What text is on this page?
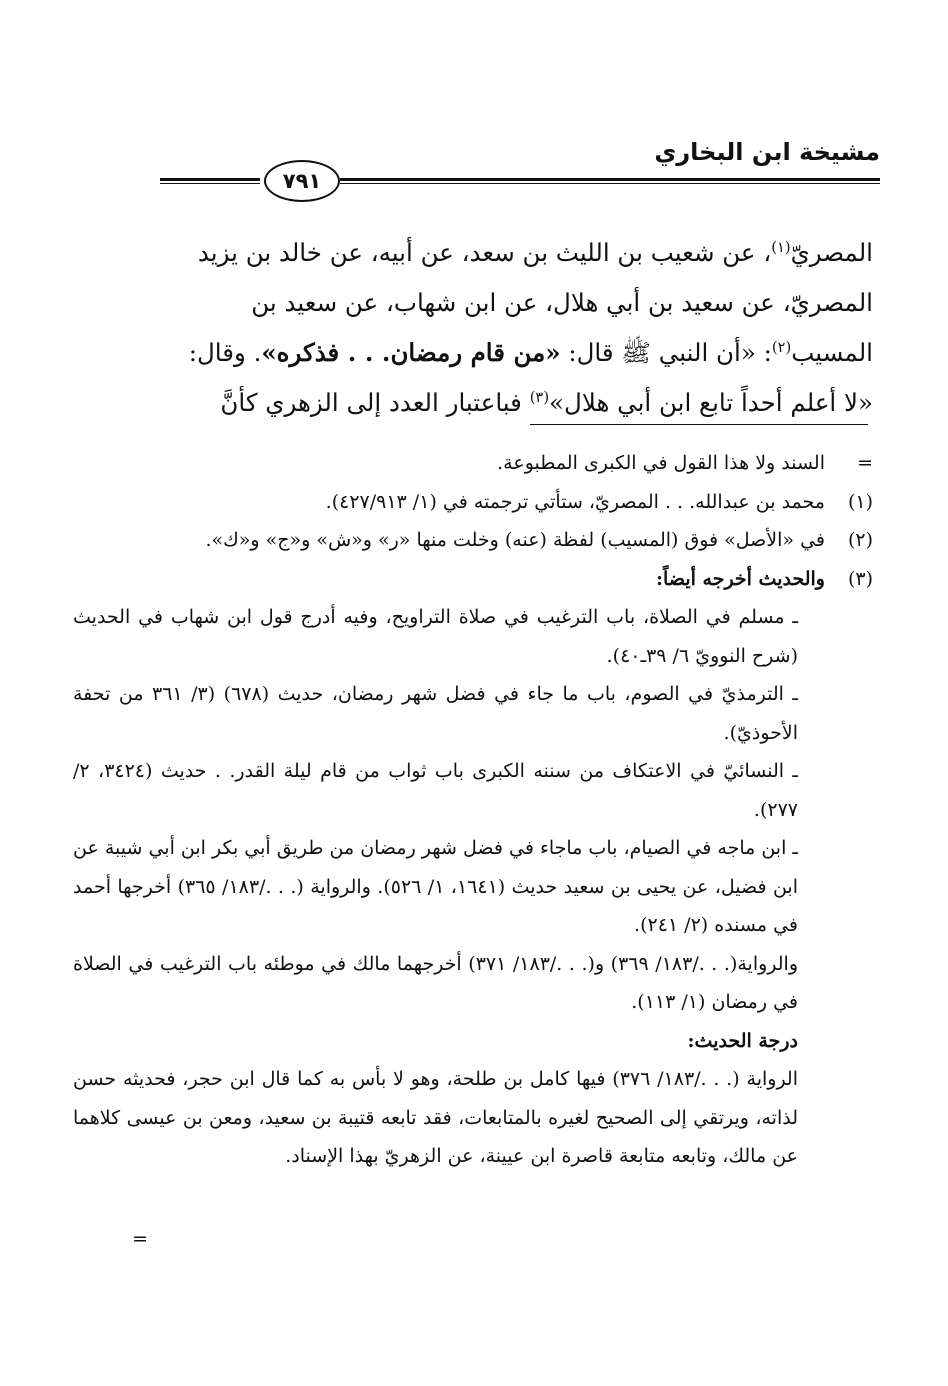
مشيخة ابن البخاري
٧٩١

المصريّ$^{(١)}$، عن شعيب بن الليث بن سعد، عن أبيه، عن خالد بن يزيد

المصريّ، عن سعيد بن أبي هلال، عن ابن شهاب، عن سعيد بن

المسيب$^{(٢)}$: «أن النبي ﷺ قال: «من قام رمضان. . . فذكره». وقال:

«لا أعلم أحداً تابع ابن أبي هلال»$^{(٣)}$ فباعتبار العدد إلى الزهري كأنَّ

=
السند ولا هذا القول في الكبرى المطبوعة.
(١)
محمد بن عبدالله. . . المصريّ، ستأتي ترجمته في (١/ ٤٢٧/٩١٣).
(٢)
في «الأصل» فوق (المسيب) لفظة (عنه) وخلت منها «ر» و«ش» و«ج» و«ك».
(٣)
والحديث أخرجه أيضاً:
ـ مسلم في الصلاة، باب الترغيب في صلاة التراويح، وفيه أدرج قول ابن شهاب في الحديث (شرح النوويّ ٦/ ٣٩ـ٤٠).
ـ الترمذيّ في الصوم، باب ما جاء في فضل شهر رمضان، حديث (٦٧٨) (٣/ ٣٦١ من تحفة الأحوذيّ).
ـ النسائيّ في الاعتكاف من سننه الكبرى باب ثواب من قام ليلة القدر. . حديث (٣٤٢٤، ٢/ ٢٧٧).
ـ ابن ماجه في الصيام، باب ماجاء في فضل شهر رمضان من طريق أبي بكر ابن أبي شيبة عن ابن فضيل، عن يحيى بن سعيد حديث (١٦٤١، ١/ ٥٢٦). والرواية (. . ./١٨٣/ ٣٦٥) أخرجها أحمد في مسنده (٢/ ٢٤١).
والرواية(. . ./١٨٣/ ٣٦٩) و(. . ./١٨٣/ ٣٧١) أخرجهما مالك في موطئه باب الترغيب في الصلاة في رمضان (١/ ١١٣).
درجة الحديث:
الرواية (. . ./١٨٣/ ٣٧٦) فيها كامل بن طلحة، وهو لا بأس به كما قال ابن حجر، فحديثه حسن لذاته، ويرتقي إلى الصحيح لغيره بالمتابعات، فقد تابعه قتيبة بن سعيد، ومعن بن عيسى كلاهما عن مالك، وتابعه متابعة قاصرة ابن عيينة، عن الزهريّ بهذا الإسناد.
=
